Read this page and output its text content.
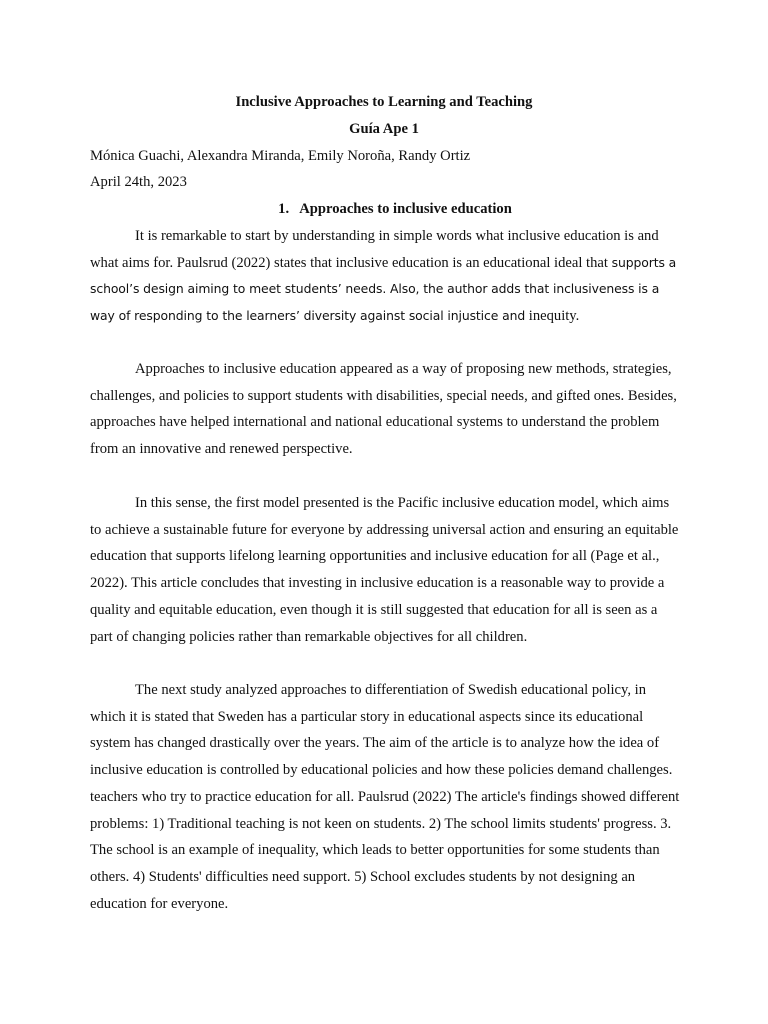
Inclusive Approaches to Learning and Teaching
Guía Ape 1
Mónica Guachi, Alexandra Miranda, Emily Noroña, Randy Ortiz
April 24th, 2023
1.   Approaches to inclusive education

It is remarkable to start by understanding in simple words what inclusive education is and what aims for. Paulsrud (2022) states that inclusive education is an educational ideal that supports a school’s design aiming to meet students’ needs. Also, the author adds that inclusiveness is a way of responding to the learners’ diversity against social injustice and inequity.

Approaches to inclusive education appeared as a way of proposing new methods, strategies, challenges, and policies to support students with disabilities, special needs, and gifted ones. Besides, approaches have helped international and national educational systems to understand the problem from an innovative and renewed perspective.

In this sense, the first model presented is the Pacific inclusive education model, which aims to achieve a sustainable future for everyone by addressing universal action and ensuring an equitable education that supports lifelong learning opportunities and inclusive education for all (Page et al., 2022). This article concludes that investing in inclusive education is a reasonable way to provide a quality and equitable education, even though it is still suggested that education for all is seen as a part of changing policies rather than remarkable objectives for all children.

The next study analyzed approaches to differentiation of Swedish educational policy, in which it is stated that Sweden has a particular story in educational aspects since its educational system has changed drastically over the years. The aim of the article is to analyze how the idea of inclusive education is controlled by educational policies and how these policies demand challenges. teachers who try to practice education for all. Paulsrud (2022) The article's findings showed different problems: 1) Traditional teaching is not keen on students. 2) The school limits students' progress. 3. The school is an example of inequality, which leads to better opportunities for some students than others. 4) Students' difficulties need support. 5) School excludes students by not designing an education for everyone.
